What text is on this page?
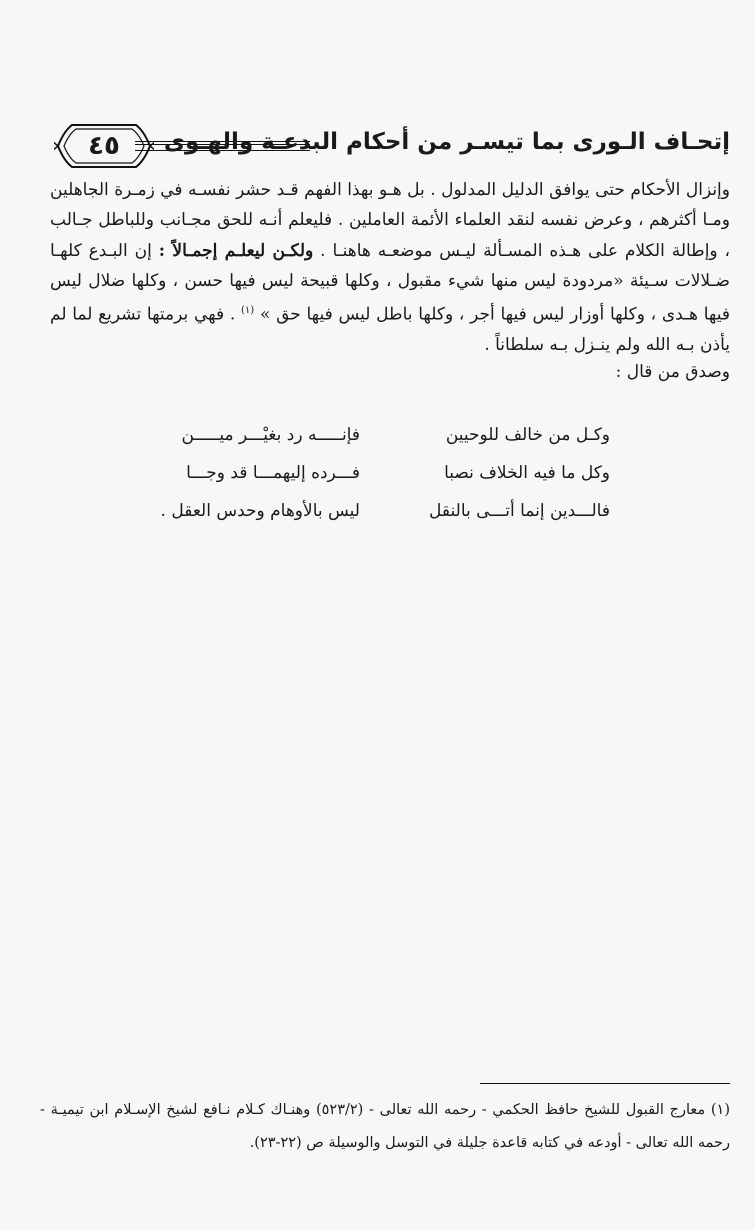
٤٥	إتحـاف الـورى بما تيسـر من أحكام البدعـة والهـوى

وإنزال الأحكام حتى يوافق الدليل المدلول . بل هـو بهذا الفهم قـد حشر نفسـه في زمـرة الجاهلين ومـا أكثرهم ، وعرض نفسه لنقد العلماء الأئمة العاملين . فليعلم أنـه للحق مجـانب وللباطل جـالب ، وإطالة الكلام على هـذه المسـألة ليـس موضعـه هاهنـا . ولكـن ليعلـم إجمـالاً : إن البـدع كلهـا ضـلالات سـيئة «مردودة ليس منها شيء مقبول ، وكلها قبيحة ليس فيها حسن ، وكلها ضلال ليس فيها هـدى ، وكلها أوزار ليس فيها أجر ، وكلها باطل ليس فيها حق » $^{(١)}$ . فهي برمتها تشريع لما لم يأذن بـه الله ولم ينـزل بـه سلطاناً .

وصدق من قال :
وكـل من خالف للوحيين
فإنـــــه رد بغيْـــر ميـــــن
وكل ما فيه الخلاف نصبا
فـــرده إليهمـــا قد وجـــا
فالـــدين إنما أتـــى بالنقل
ليس بالأوهام وحدس العقل .

(١) معارج القبول للشيخ حافظ الحكمي - رحمه الله تعالى - (٥٢٣/٢) وهنـاك كـلام نـافع لشيخ الإسـلام ابن تيميـة - رحمه الله تعالى - أودعه في كتابه قاعدة جليلة في التوسل والوسيلة ص (٢٢-٢٣).
